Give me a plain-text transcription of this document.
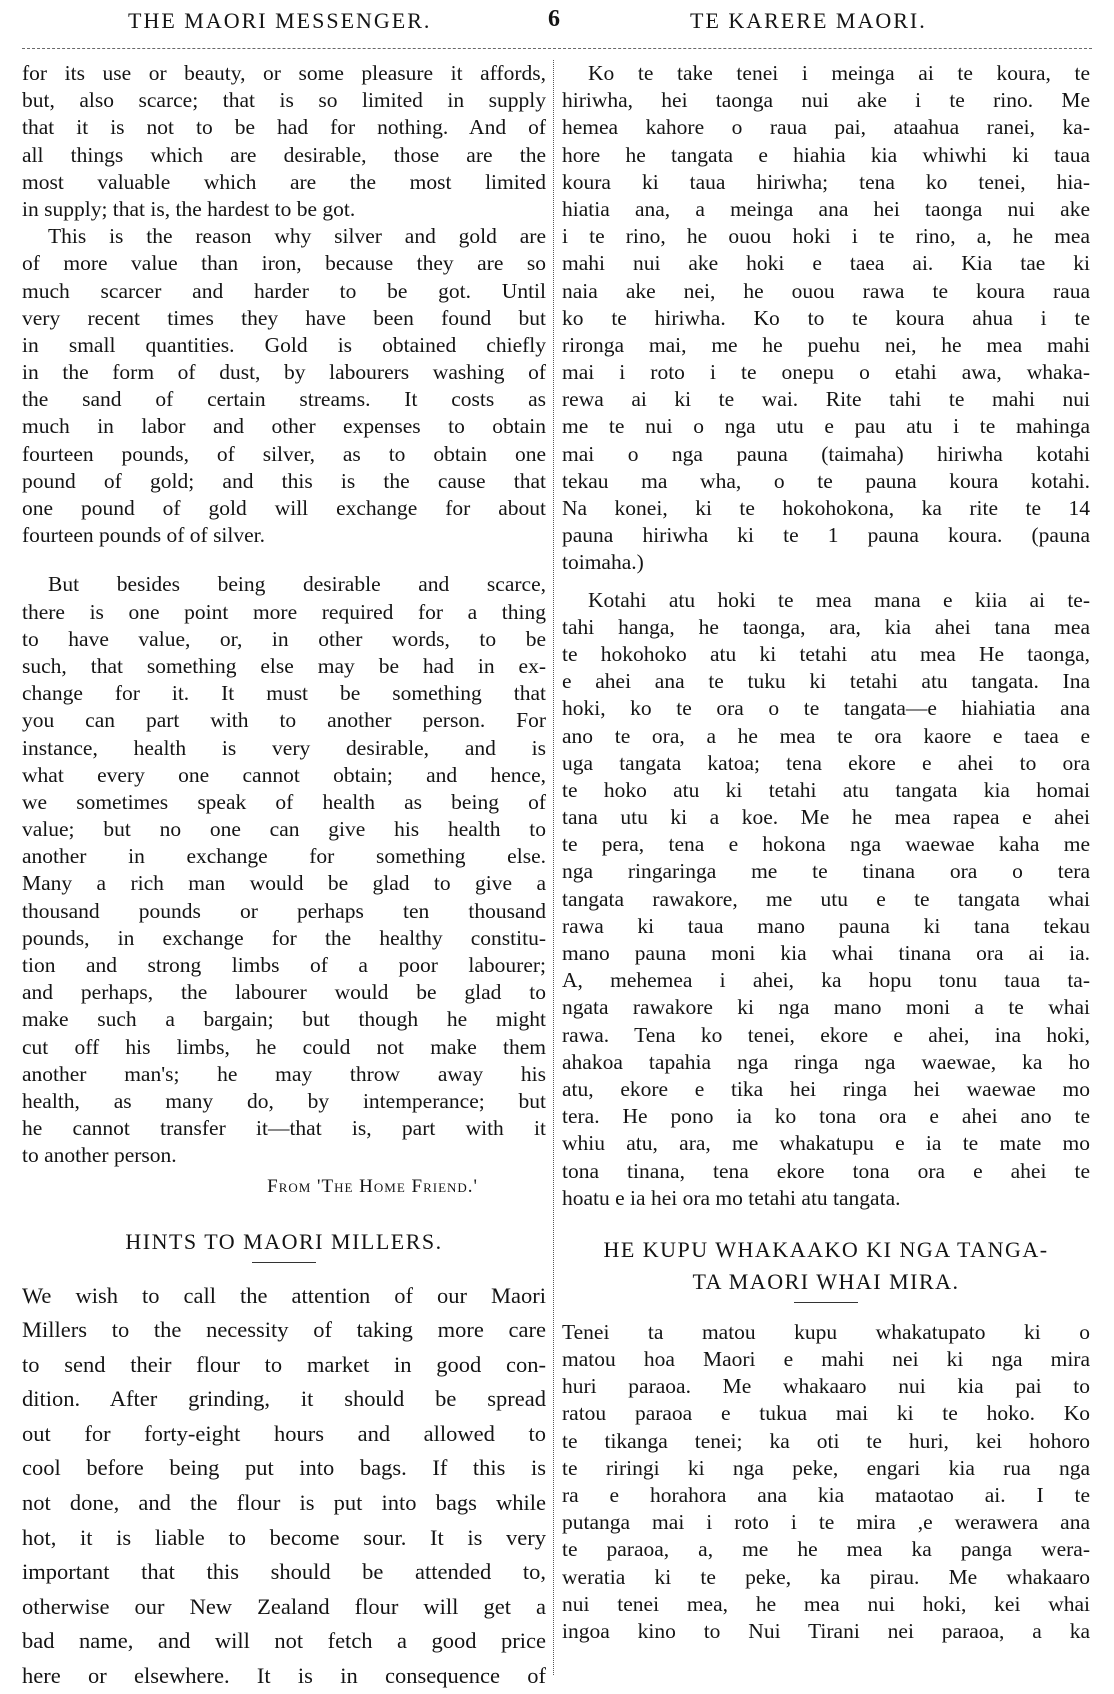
THE MAORI MESSENGER.	6	TE KARERE MAORI.
for its use or beauty, or some pleasure it affords,
but, also scarce; that is so limited in supply
that it is not to be had for nothing. And of
all things which are desirable, those are the
most valuable which are the most limited
in supply; that is, the hardest to be got.
This is the reason why silver and gold are
of more value than iron, because they are so
much scarcer and harder to be got. Until
very recent times they have been found but
in small quantities. Gold is obtained chiefly
in the form of dust, by labourers washing of
the sand of certain streams. It costs as
much in labor and other expenses to obtain
fourteen pounds, of silver, as to obtain one
pound of gold; and this is the cause that
one pound of gold will exchange for about
fourteen pounds of of silver.
But besides being desirable and scarce,
there is one point more required for a thing
to have value, or, in other words, to be
such, that something else may be had in ex-
change for it. It must be something that
you can part with to another person. For
instance, health is very desirable, and is
what every one cannot obtain; and hence,
we sometimes speak of health as being of
value; but no one can give his health to
another in exchange for something else.
Many a rich man would be glad to give a
thousand pounds or perhaps ten thousand
pounds, in exchange for the healthy constitu-
tion and strong limbs of a poor labourer;
and perhaps, the labourer would be glad to
make such a bargain; but though he might
cut off his limbs, he could not make them
another man's; he may throw away his
health, as many do, by intemperance; but
he cannot transfer it—that is, part with it
to another person.
From 'The Home Friend.'
HINTS TO MAORI MILLERS.
We wish to call the attention of our Maori
Millers to the necessity of taking more care
to send their flour to market in good con-
dition. After grinding, it should be spread
out for forty-eight hours and allowed to
cool before being put into bags. If this is
not done, and the flour is put into bags while
hot, it is liable to become sour. It is very
important that this should be attended to,
otherwise our New Zealand flour will get a
bad name, and will not fetch a good price
here or elsewhere. It is in consequence of
Ko te take tenei i meinga ai te koura, te
hiriwha, hei taonga nui ake i te rino. Me
hemea kahore o raua pai, ataahua ranei, ka-
hore he tangata e hiahia kia whiwhi ki taua
koura ki taua hiriwha; tena ko tenei, hia-
hiatia ana, a meinga ana hei taonga nui ake
i te rino, he ouou hoki i te rino, a, he mea
mahi nui ake hoki e taea ai. Kia tae ki
naia ake nei, he ouou rawa te koura raua
ko te hiriwha. Ko to te koura ahua i te
rironga mai, me he puehu nei, he mea mahi
mai i roto i te onepu o etahi awa, whaka-
rewa ai ki te wai. Rite tahi te mahi nui
me te nui o nga utu e pau atu i te mahinga
mai o nga pauna (taimaha) hiriwha kotahi
tekau ma wha, o te pauna koura kotahi.
Na konei, ki te hokohokona, ka rite te 14
pauna hiriwha ki te 1 pauna koura. (pauna
toimaha.)
Kotahi atu hoki te mea mana e kiia ai te-
tahi hanga, he taonga, ara, kia ahei tana mea
te hokohoko atu ki tetahi atu mea He taonga,
e ahei ana te tuku ki tetahi atu tangata. Ina
hoki, ko te ora o te tangata—e hiahiatia ana
ano te ora, a he mea te ora kaore e taea e
uga tangata katoa; tena ekore e ahei to ora
te hoko atu ki tetahi atu tangata kia homai
tana utu ki a koe. Me he mea rapea e ahei
te pera, tena e hokona nga waewae kaha me
nga ringaringa me te tinana ora o tera
tangata rawakore, me utu e te tangata whai
rawa ki taua mano pauna ki tana tekau
mano pauna moni kia whai tinana ora ai ia.
A, mehemea i ahei, ka hopu tonu taua ta-
ngata rawakore ki nga mano moni a te whai
rawa. Tena ko tenei, ekore e ahei, ina hoki,
ahakoa tapahia nga ringa nga waewae, ka ho
atu, ekore e tika hei ringa hei waewae mo
tera. He pono ia ko tona ora e ahei ano te
whiu atu, ara, me whakatupu e ia te mate mo
tona tinana, tena ekore tona ora e ahei te
hoatu e ia hei ora mo tetahi atu tangata.
HE KUPU WHAKAAKO KI NGA TANGA-
TA MAORI WHAI MIRA.
Tenei ta matou kupu whakatupato ki o
matou hoa Maori e mahi nei ki nga mira
huri paraoa. Me whakaaro nui kia pai to
ratou paraoa e tukua mai ki te hoko. Ko
te tikanga tenei; ka oti te huri, kei hohoro
te riringi ki nga peke, engari kia rua nga
ra e horahora ana kia mataotao ai. I te
putanga mai i roto i te mira ,e werawera ana
te paraoa, a, me he mea ka panga wera-
weratia ki te peke, ka pirau. Me whakaaro
nui tenei mea, he mea nui hoki, kei whai
ingoa kino to Nui Tirani nei paraoa, a ka
